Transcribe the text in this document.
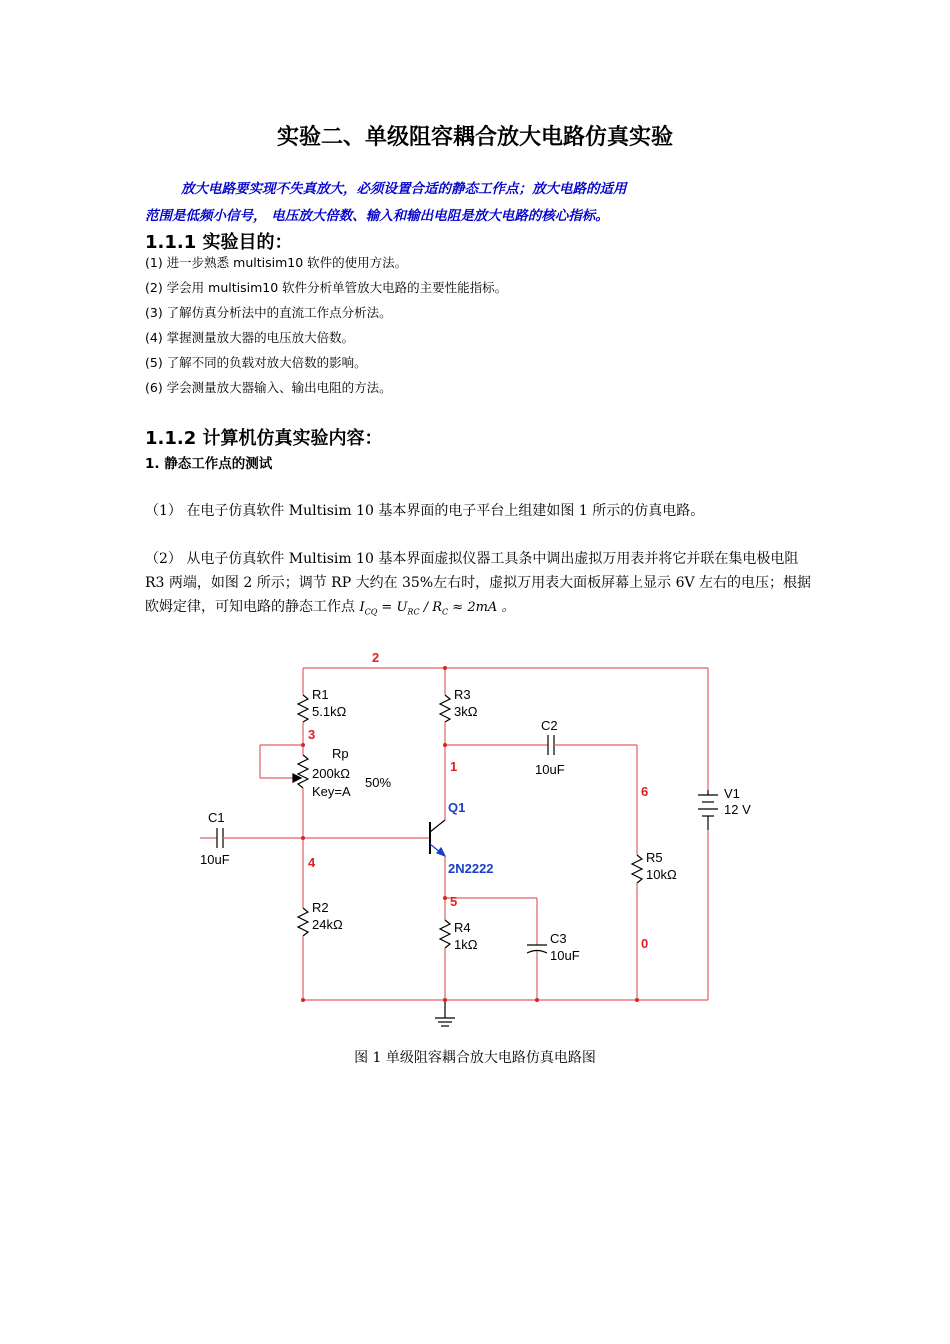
实验二、单级阻容耦合放大电路仿真实验
放大电路要实现不失真放大，必须设置合适的静态工作点；放大电路的适用
范围是低频小信号， 电压放大倍数、输入和输出电阻是放大电路的核心指标。
1.1.1 实验目的：
(1) 进一步熟悉 multisim10 软件的使用方法。
(2) 学会用 multisim10 软件分析单管放大电路的主要性能指标。
(3) 了解仿真分析法中的直流工作点分析法。
(4) 掌握测量放大器的电压放大倍数。
(5) 了解不同的负载对放大倍数的影响。
(6) 学会测量放大器输入、输出电阻的方法。
1.1.2 计算机仿真实验内容：
1. 静态工作点的测试
（1） 在电子仿真软件 Multisim 10 基本界面的电子平台上组建如图 1 所示的仿真电路。
（2） 从电子仿真软件 Multisim 10 基本界面虚拟仪器工具条中调出虚拟万用表并将它并联在集电极电阻 R3 两端，如图 2 所示；调节 RP 大约在 35%左右时，虚拟万用表大面板屏幕上显示 6V 左右的电压；根据欧姆定律，可知电路的静态工作点 $I_{CQ} = U_{RC} / R_C \approx 2mA$ 。
R1
5.1kΩ
3
Rp
200kΩ
Key=A
50%
C1
10uF	4
R2
24kΩ
2
R3
3kΩ
1
C2
10uF
Q1
2N2222
5
R4
1kΩ	C3
10uF
6
R5
10kΩ
0
V1
12 V
图 1 单级阻容耦合放大电路仿真电路图
